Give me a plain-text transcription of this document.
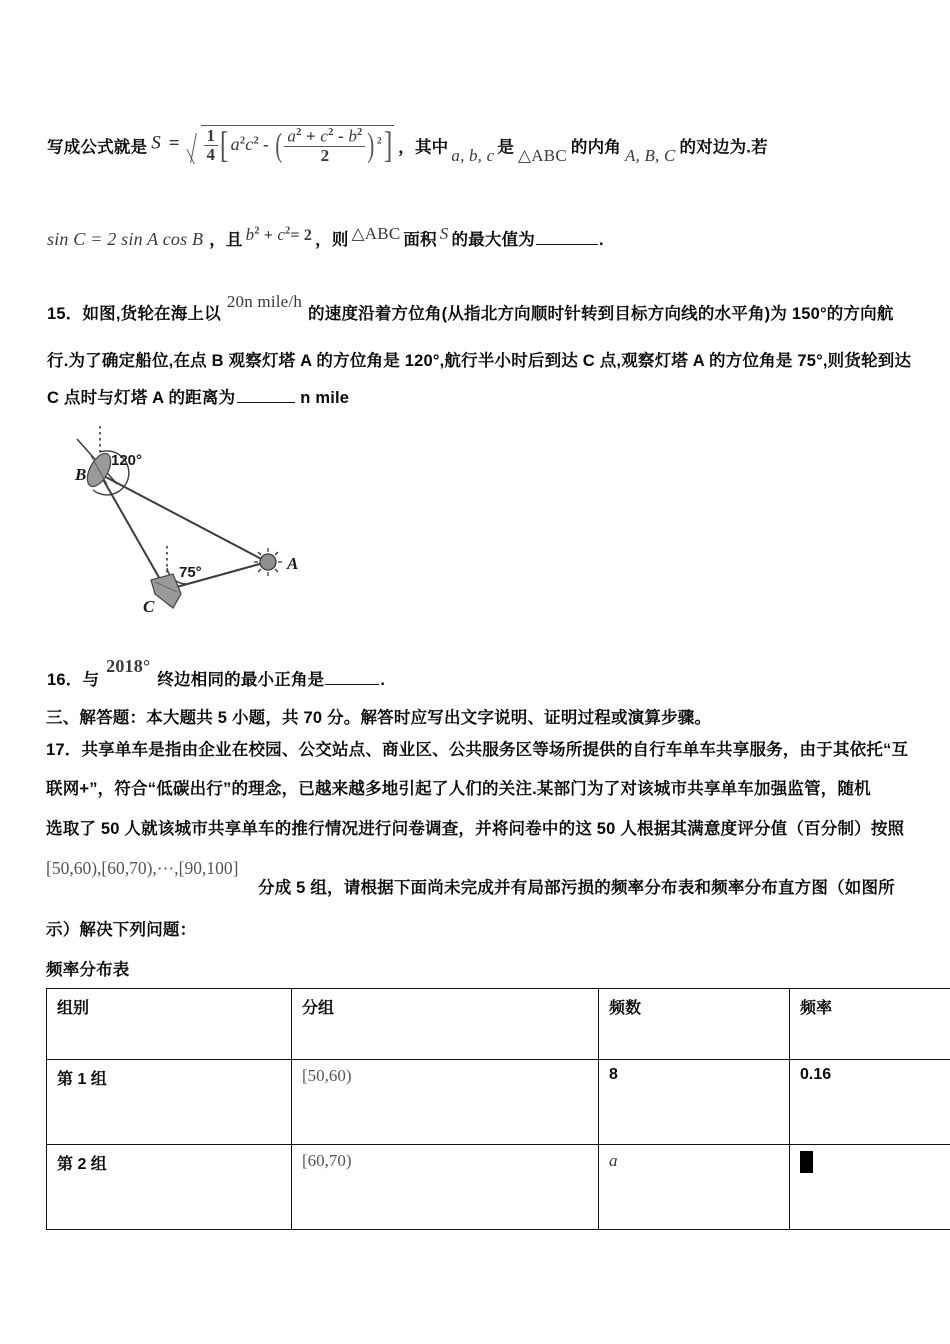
写成公式就是 $S = \frac{1}{4}$ [ $a^2c^2$ - ( $\frac{a^2 + c^2 - b^2}{2}$ ) $^2$] ，其中 a, b, c 是 △ABC 的内角 A, B, C 的对边为.若
sin C = 2 sin A cos B ，且 $b^2 + c^2= 2$ ，则 △ABC 面积 S 的最大值为	.
15．如图,货轮在海上以20n mile/h的速度沿着方位角(从指北方向顺时针转到目标方向线的水平角)为 150°的方向航
行.为了确定船位,在点 B 观察灯塔 A 的方位角是 120°,航行半小时后到达 C 点,观察灯塔 A 的方位角是 75°,则货轮到达
C 点时与灯塔 A 的距离为	n mile

B
C
A
120°
75°
16．与2018°终边相同的最小正角是	.
三、解答题：本大题共 5 小题，共 70 分。解答时应写出文字说明、证明过程或演算步骤。
17．共享单车是指由企业在校园、公交站点、商业区、公共服务区等场所提供的自行车单车共享服务，由于其依托“互
联网+”，符合“低碳出行”的理念，已越来越多地引起了人们的关注.某部门为了对该城市共享单车加强监管，随机
选取了 50 人就该城市共享单车的推行情况进行问卷调查，并将问卷中的这 50 人根据其满意度评分值（百分制）按照
[50,60),[60,70),⋯,[90,100]
分成 5 组，请根据下面尚未完成并有局部污损的频率分布表和频率分布直方图（如图所
示）解决下列问题：
频率分布表
组别	分组	频数	频率
第 1 组	[50,60)	8	0.16
第 2 组	[60,70)	a	
